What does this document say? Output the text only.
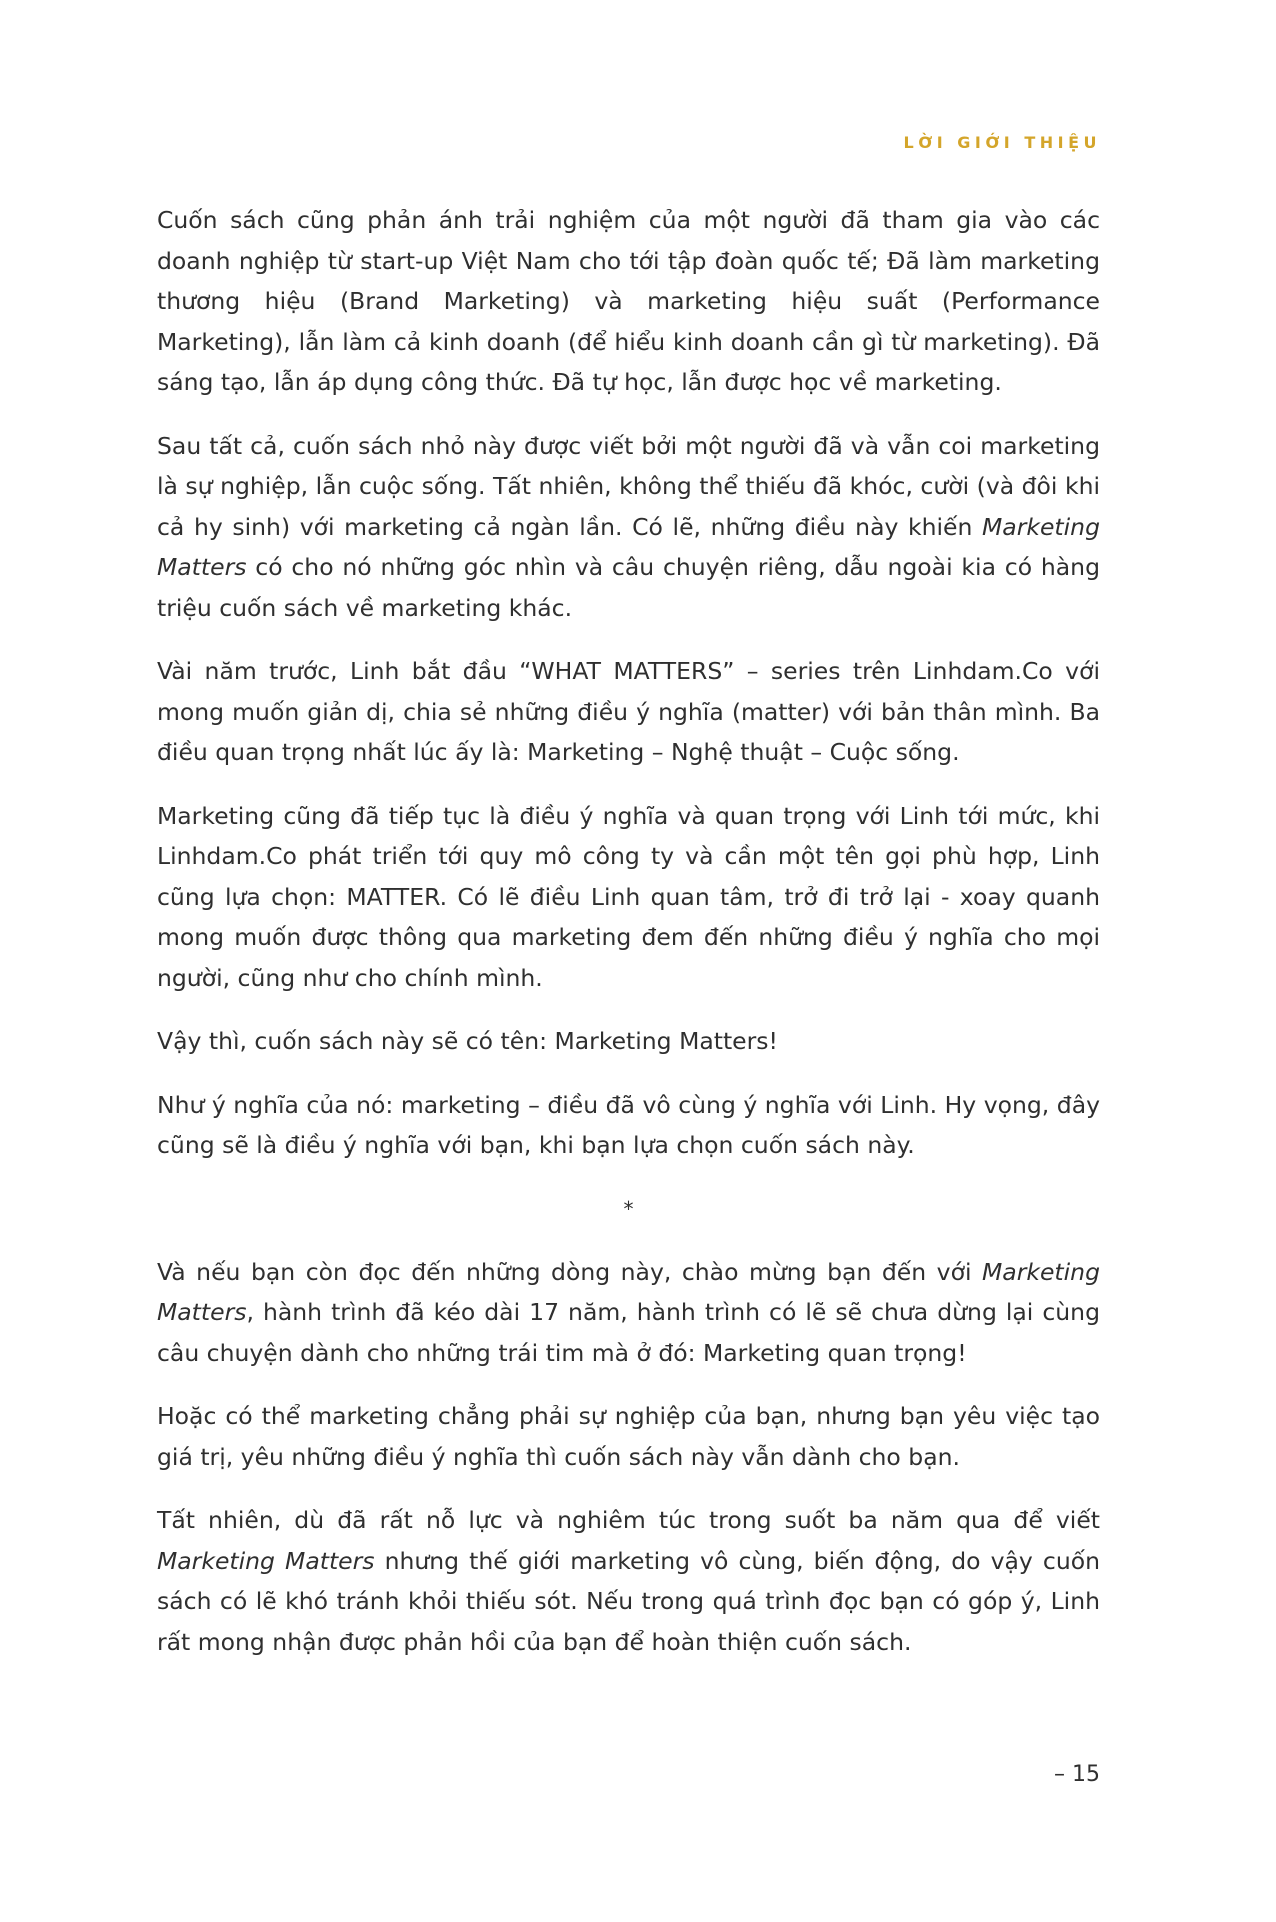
LỜI GIỚI THIỆU

Cuốn sách cũng phản ánh trải nghiệm của một người đã tham gia vào các doanh nghiệp từ start-up Việt Nam cho tới tập đoàn quốc tế; Đã làm marketing thương hiệu (Brand Marketing) và marketing hiệu suất (Performance Marketing), lẫn làm cả kinh doanh (để hiểu kinh doanh cần gì từ marketing). Đã sáng tạo, lẫn áp dụng công thức. Đã tự học, lẫn được học về marketing.

Sau tất cả, cuốn sách nhỏ này được viết bởi một người đã và vẫn coi marketing là sự nghiệp, lẫn cuộc sống. Tất nhiên, không thể thiếu đã khóc, cười (và đôi khi cả hy sinh) với marketing cả ngàn lần. Có lẽ, những điều này khiến Marketing Matters có cho nó những góc nhìn và câu chuyện riêng, dẫu ngoài kia có hàng triệu cuốn sách về marketing khác.

Vài năm trước, Linh bắt đầu “WHAT MATTERS” – series trên Linhdam.Co với mong muốn giản dị, chia sẻ những điều ý nghĩa (matter) với bản thân mình. Ba điều quan trọng nhất lúc ấy là: Marketing – Nghệ thuật – Cuộc sống.

Marketing cũng đã tiếp tục là điều ý nghĩa và quan trọng với Linh tới mức, khi Linhdam.Co phát triển tới quy mô công ty và cần một tên gọi phù hợp, Linh cũng lựa chọn: MATTER. Có lẽ điều Linh quan tâm, trở đi trở lại - xoay quanh mong muốn được thông qua marketing đem đến những điều ý nghĩa cho mọi người, cũng như cho chính mình.

Vậy thì, cuốn sách này sẽ có tên: Marketing Matters!

Như ý nghĩa của nó: marketing – điều đã vô cùng ý nghĩa với Linh. Hy vọng, đây cũng sẽ là điều ý nghĩa với bạn, khi bạn lựa chọn cuốn sách này.

*

Và nếu bạn còn đọc đến những dòng này, chào mừng bạn đến với Marketing Matters, hành trình đã kéo dài 17 năm, hành trình có lẽ sẽ chưa dừng lại cùng câu chuyện dành cho những trái tim mà ở đó: Marketing quan trọng!

Hoặc có thể marketing chẳng phải sự nghiệp của bạn, nhưng bạn yêu việc tạo giá trị, yêu những điều ý nghĩa thì cuốn sách này vẫn dành cho bạn.

Tất nhiên, dù đã rất nỗ lực và nghiêm túc trong suốt ba năm qua để viết Marketing Matters nhưng thế giới marketing vô cùng, biến động, do vậy cuốn sách có lẽ khó tránh khỏi thiếu sót. Nếu trong quá trình đọc bạn có góp ý, Linh rất mong nhận được phản hồi của bạn để hoàn thiện cuốn sách.

– 15
